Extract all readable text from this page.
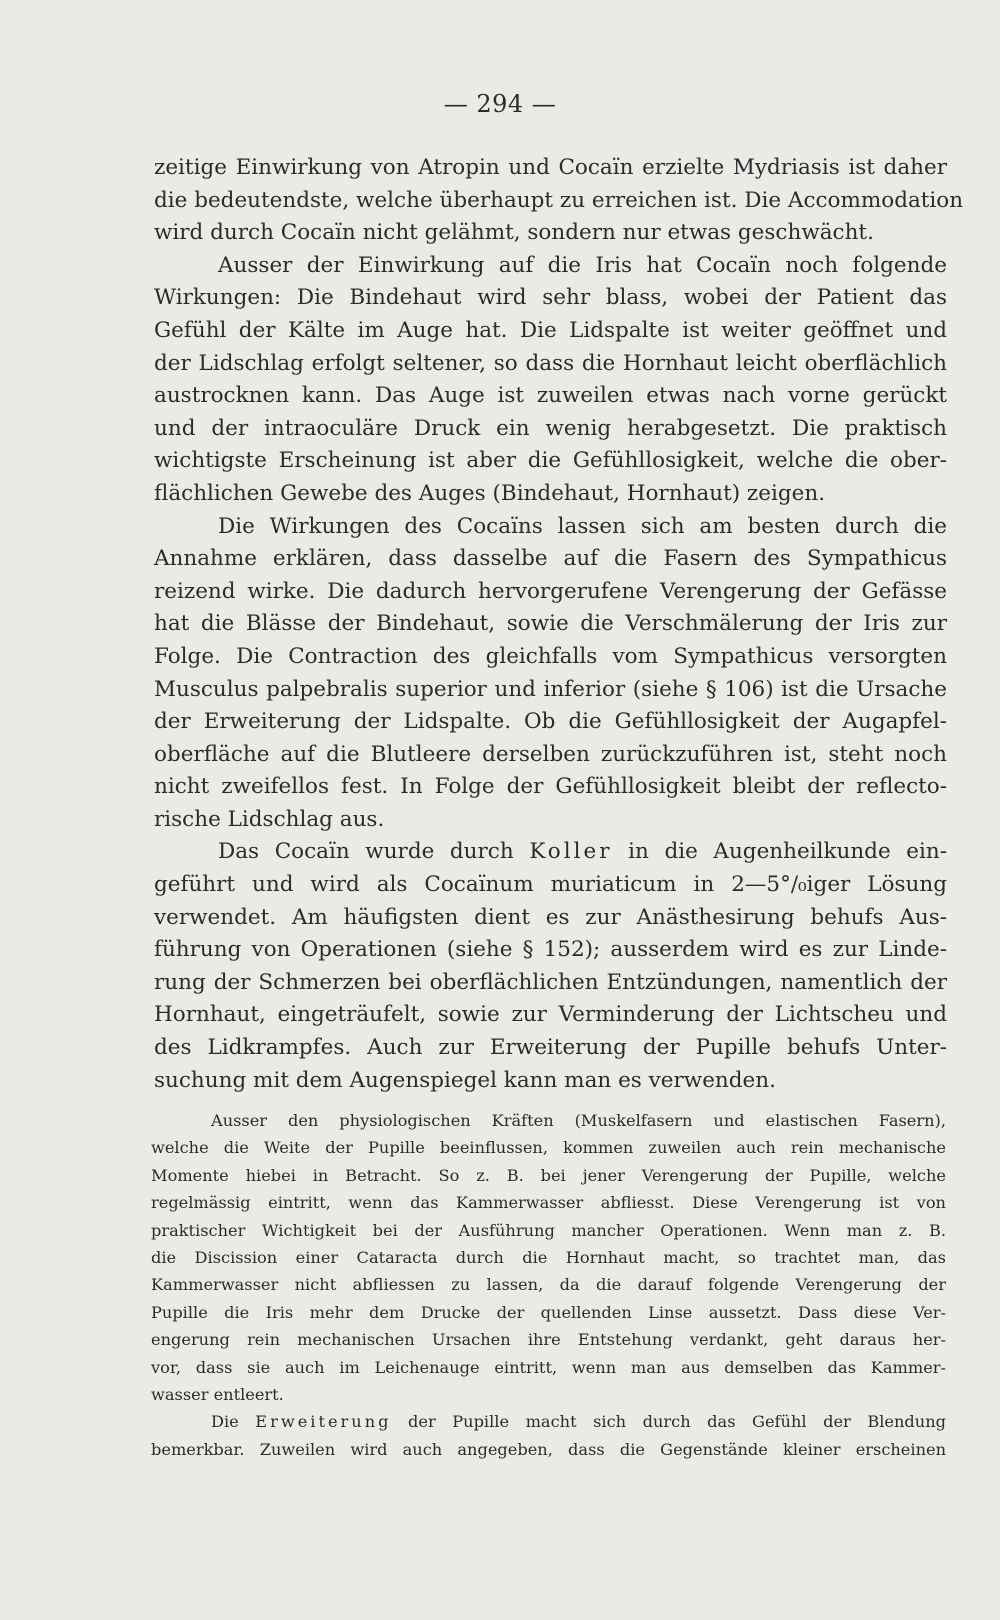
— 294 —
zeitige Einwirkung von Atropin und Cocaïn erzielte Mydriasis ist daher
die bedeutendste, welche überhaupt zu erreichen ist. Die Accommodation
wird durch Cocaïn nicht gelähmt, sondern nur etwas geschwächt.
Ausser der Einwirkung auf die Iris hat Cocaïn noch folgende
Wirkungen: Die Bindehaut wird sehr blass, wobei der Patient das
Gefühl der Kälte im Auge hat. Die Lidspalte ist weiter geöffnet und
der Lidschlag erfolgt seltener, so dass die Hornhaut leicht oberflächlich
austrocknen kann. Das Auge ist zuweilen etwas nach vorne gerückt
und der intraoculäre Druck ein wenig herabgesetzt. Die praktisch
wichtigste Erscheinung ist aber die Gefühllosigkeit, welche die ober-
flächlichen Gewebe des Auges (Bindehaut, Hornhaut) zeigen.
Die Wirkungen des Cocaïns lassen sich am besten durch die
Annahme erklären, dass dasselbe auf die Fasern des Sympathicus
reizend wirke. Die dadurch hervorgerufene Verengerung der Gefässe
hat die Blässe der Bindehaut, sowie die Verschmälerung der Iris zur
Folge. Die Contraction des gleichfalls vom Sympathicus versorgten
Musculus palpebralis superior und inferior (siehe § 106) ist die Ursache
der Erweiterung der Lidspalte. Ob die Gefühllosigkeit der Augapfel-
oberfläche auf die Blutleere derselben zurückzuführen ist, steht noch
nicht zweifellos fest. In Folge der Gefühllosigkeit bleibt der reflecto-
rische Lidschlag aus.
Das Cocaïn wurde durch Koller in die Augenheilkunde ein-
geführt und wird als Cocaïnum muriaticum in 2—5°/₀iger Lösung
verwendet. Am häufigsten dient es zur Anästhesirung behufs Aus-
führung von Operationen (siehe § 152); ausserdem wird es zur Linde-
rung der Schmerzen bei oberflächlichen Entzündungen, namentlich der
Hornhaut, eingeträufelt, sowie zur Verminderung der Lichtscheu und
des Lidkrampfes. Auch zur Erweiterung der Pupille behufs Unter-
suchung mit dem Augenspiegel kann man es verwenden.
Ausser den physiologischen Kräften (Muskelfasern und elastischen Fasern),
welche die Weite der Pupille beeinflussen, kommen zuweilen auch rein mechanische
Momente hiebei in Betracht. So z. B. bei jener Verengerung der Pupille, welche
regelmässig eintritt, wenn das Kammerwasser abfliesst. Diese Verengerung ist von
praktischer Wichtigkeit bei der Ausführung mancher Operationen. Wenn man z. B.
die Discission einer Cataracta durch die Hornhaut macht, so trachtet man, das
Kammerwasser nicht abfliessen zu lassen, da die darauf folgende Verengerung der
Pupille die Iris mehr dem Drucke der quellenden Linse aussetzt. Dass diese Ver-
engerung rein mechanischen Ursachen ihre Entstehung verdankt, geht daraus her-
vor, dass sie auch im Leichenauge eintritt, wenn man aus demselben das Kammer-
wasser entleert.
Die Erweiterung der Pupille macht sich durch das Gefühl der Blendung
bemerkbar. Zuweilen wird auch angegeben, dass die Gegenstände kleiner erscheinen
